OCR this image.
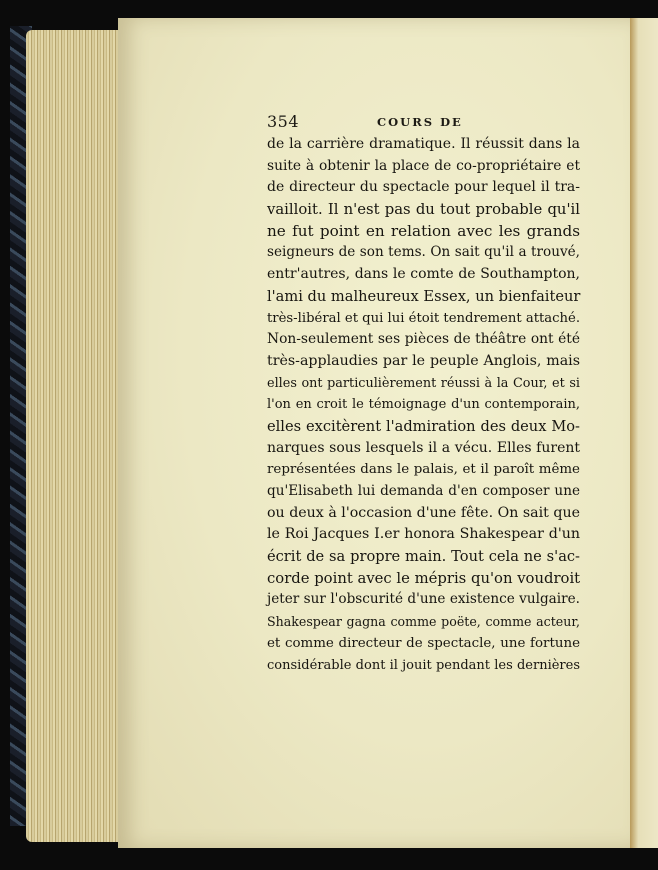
354	COURS DE
de la carrière dramatique. Il réussit dans la
suite à obtenir la place de co-propriétaire et
de directeur du spectacle pour lequel il tra-
vailloit. Il n'est pas du tout probable qu'il
ne fut point en relation avec les grands
seigneurs de son tems. On sait qu'il a trouvé,
entr'autres, dans le comte de Southampton,
l'ami du malheureux Essex, un bienfaiteur
très-libéral et qui lui étoit tendrement attaché.
Non-seulement ses pièces de théâtre ont été
très-applaudies par le peuple Anglois, mais
elles ont particulièrement réussi à la Cour, et si
l'on en croit le témoignage d'un contemporain,
elles excitèrent l'admiration des deux Mo-
narques sous lesquels il a vécu. Elles furent
représentées dans le palais, et il paroît même
qu'Elisabeth lui demanda d'en composer une
ou deux à l'occasion d'une fête. On sait que
le Roi Jacques I.er honora Shakespear d'un
écrit de sa propre main. Tout cela ne s'ac-
corde point avec le mépris qu'on voudroit
jeter sur l'obscurité d'une existence vulgaire.
Shakespear gagna comme poëte, comme acteur,
et comme directeur de spectacle, une fortune
considérable dont il jouit pendant les dernières
